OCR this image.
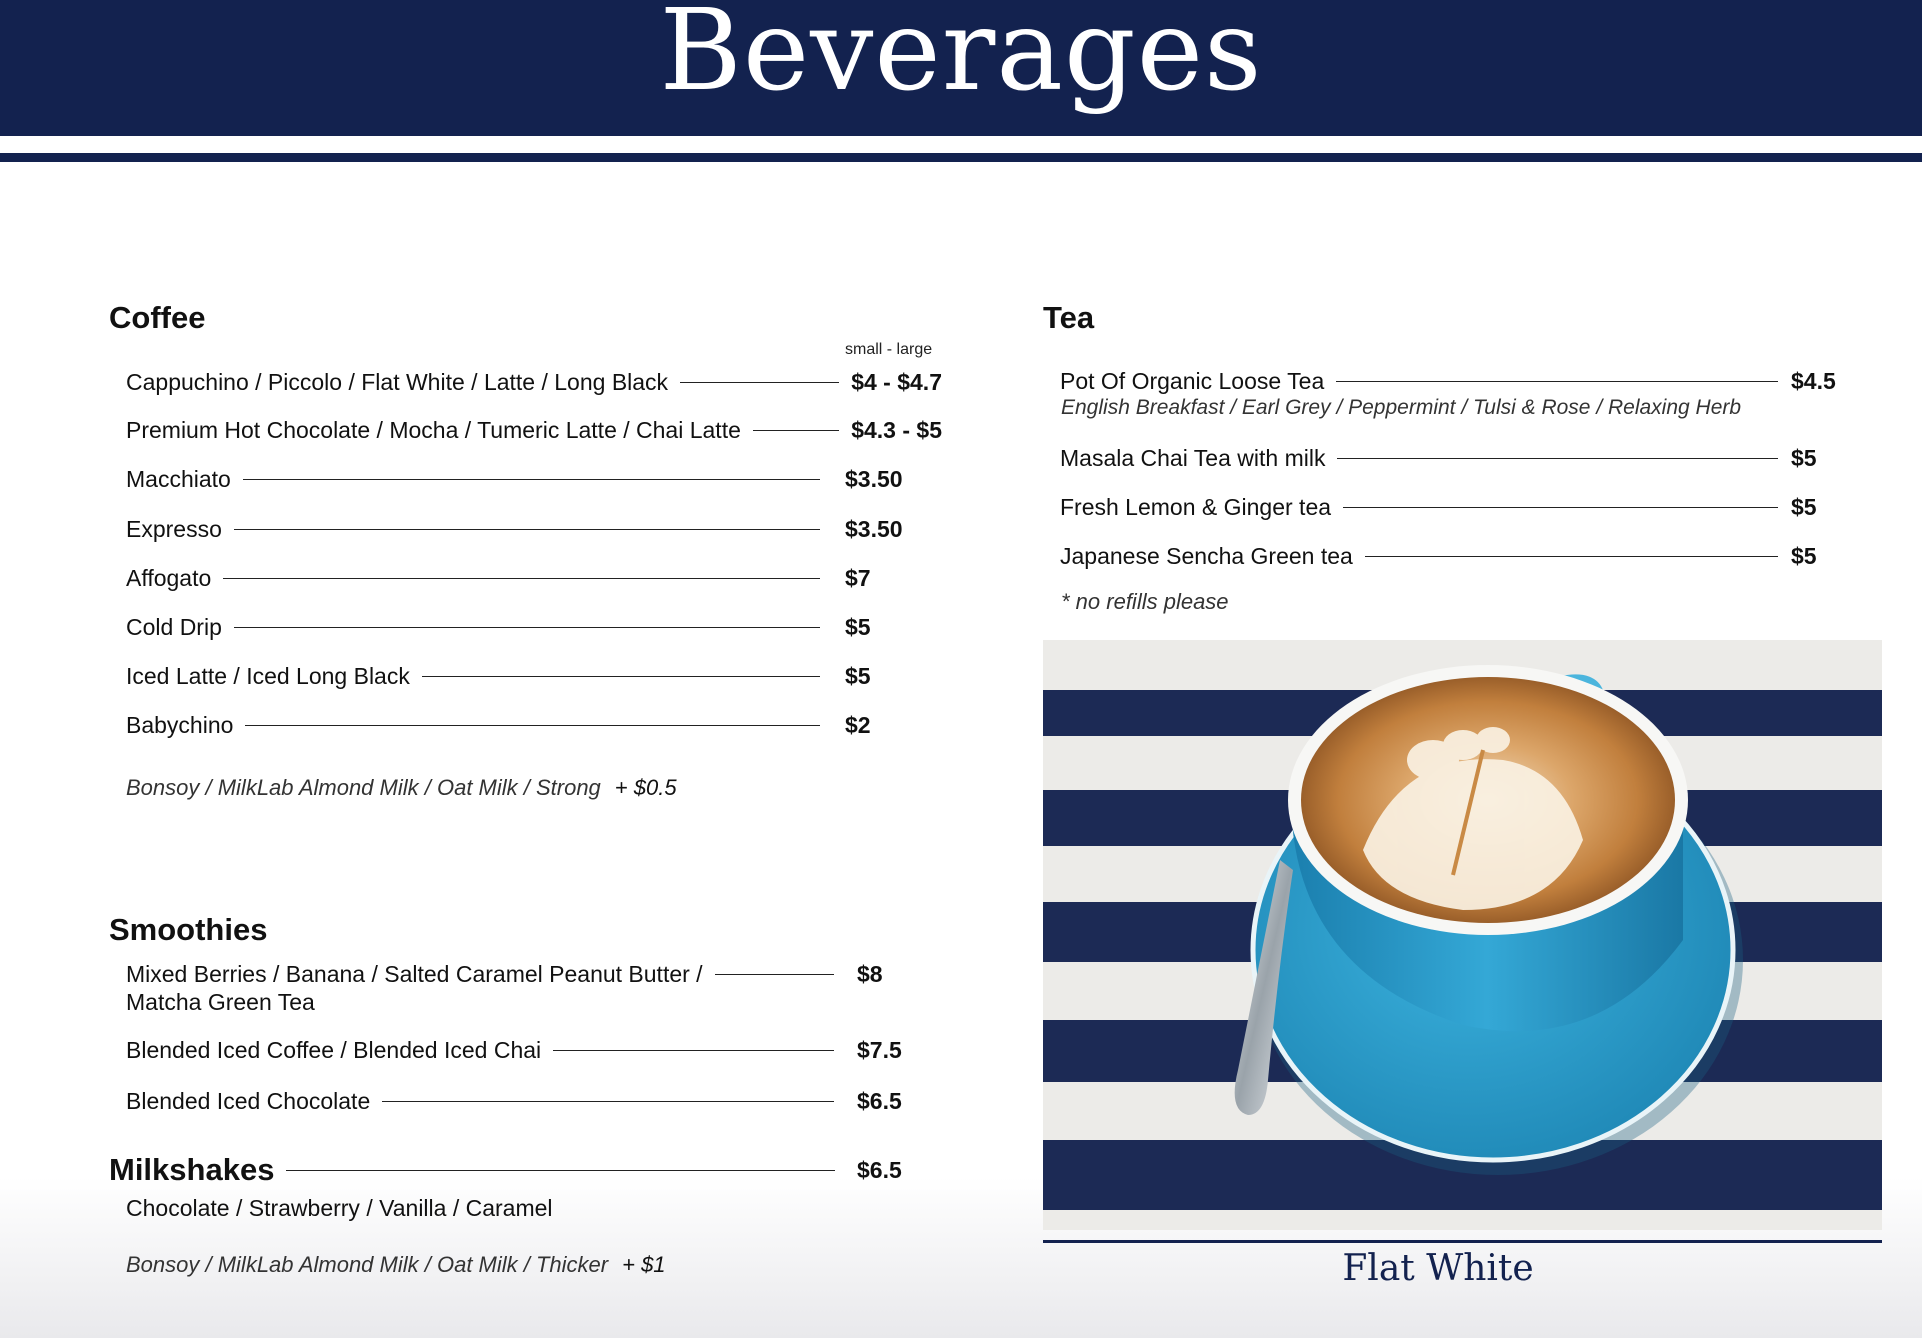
Beverages
Coffee
small - large
Cappuchino / Piccolo / Flat White / Latte / Long Black	$4 - $4.7
Premium Hot Chocolate / Mocha / Tumeric Latte / Chai Latte	$4.3 - $5
Macchiato	$3.50
Expresso	$3.50
Affogato	$7
Cold Drip	$5
Iced Latte / Iced Long Black	$5
Babychino	$2
Bonsoy / MilkLab Almond Milk / Oat Milk / Strong + $0.5
Smoothies
Mixed Berries / Banana / Salted Caramel Peanut Butter /	$8
Matcha Green Tea
Blended Iced Coffee / Blended Iced Chai	$7.5
Blended Iced Chocolate	$6.5
Milkshakes	$6.5
Chocolate / Strawberry / Vanilla / Caramel
Bonsoy / MilkLab Almond Milk / Oat Milk / Thicker + $1
Tea
Pot Of Organic Loose Tea	$4.5
English Breakfast / Earl Grey / Peppermint / Tulsi & Rose / Relaxing Herb
Masala Chai Tea with milk	$5
Fresh Lemon & Ginger tea	$5
Japanese Sencha Green tea	$5
* no refills please
Flat White
